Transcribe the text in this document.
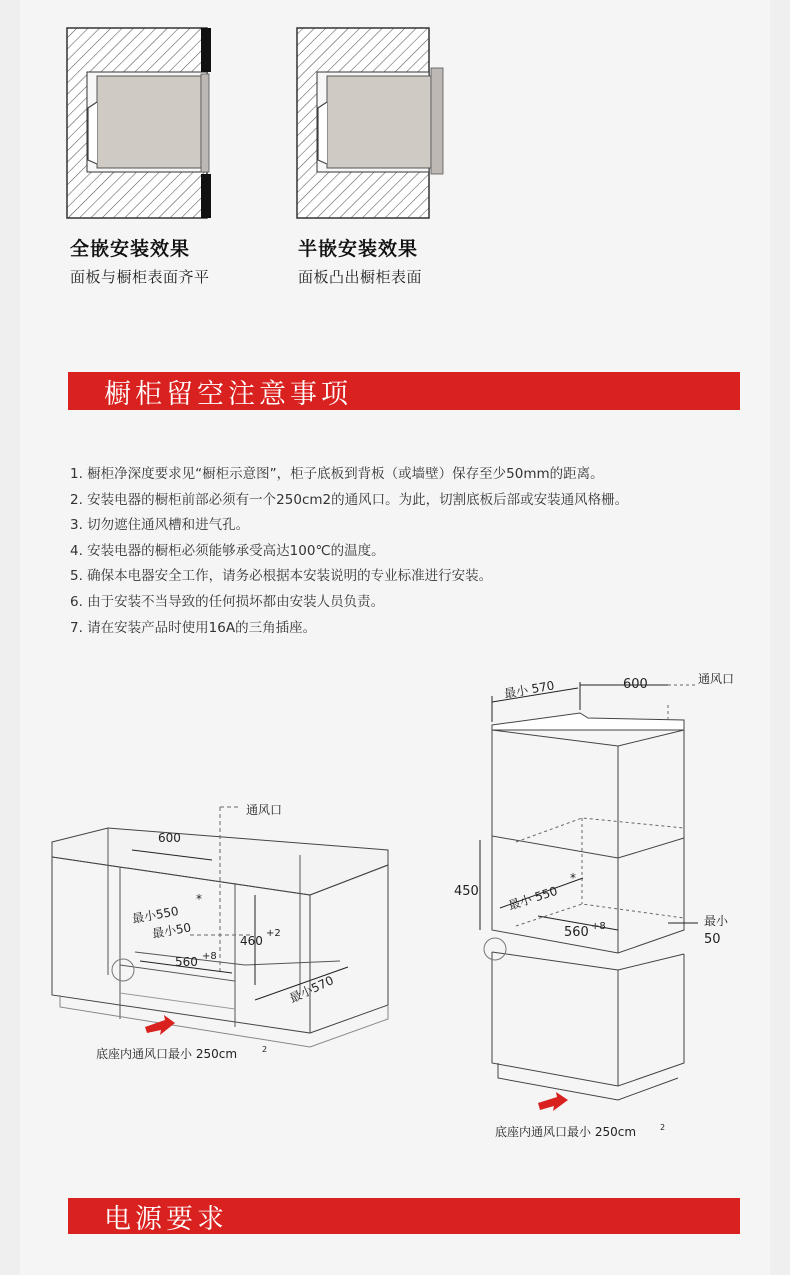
全嵌安装效果
面板与橱柜表面齐平
半嵌安装效果
面板凸出橱柜表面
橱柜留空注意事项
1. 橱柜净深度要求见“橱柜示意图”，柜子底板到背板（或墙壁）保存至少50mm的距离。
2. 安装电器的橱柜前部必须有一个250cm2的通风口。为此，切割底板后部或安装通风格栅。
3. 切勿遮住通风槽和进气孔。
4. 安装电器的橱柜必须能够承受高达100℃的温度。
5. 确保本电器安全工作，请务必根据本安装说明的专业标准进行安装。
6. 由于安装不当导致的任何损坏都由安装人员负责。
7. 请在安装产品时使用16A的三角插座。
通风口
600
最小550
*
最小50
460
+2
560 +8
最小570
底座内通风口最小 250cm	2
最小 570	600	通风口
450 最小 550
*
560 +8	最小
50
底座内通风口最小 250cm	2
电源要求
